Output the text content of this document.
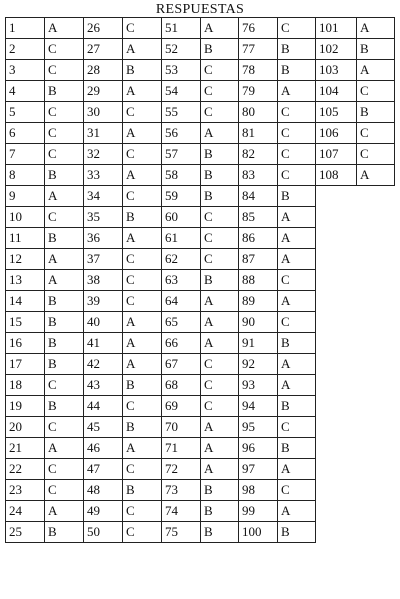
RESPUESTAS
1	A	26	C	51	A	76	C	101	A
2	C	27	A	52	B	77	B	102	B
3	C	28	B	53	C	78	B	103	A
4	B	29	A	54	C	79	A	104	C
5	C	30	C	55	C	80	C	105	B
6	C	31	A	56	A	81	C	106	C
7	C	32	C	57	B	82	C	107	C
8	B	33	A	58	B	83	C	108	A
9	A	34	C	59	B	84	B		
10	C	35	B	60	C	85	A		
11	B	36	A	61	C	86	A		
12	A	37	C	62	C	87	A		
13	A	38	C	63	B	88	C		
14	B	39	C	64	A	89	A		
15	B	40	A	65	A	90	C		
16	B	41	A	66	A	91	B		
17	B	42	A	67	C	92	A		
18	C	43	B	68	C	93	A		
19	B	44	C	69	C	94	B		
20	C	45	B	70	A	95	C		
21	A	46	A	71	A	96	B		
22	C	47	C	72	A	97	A		
23	C	48	B	73	B	98	C		
24	A	49	C	74	B	99	A		
25	B	50	C	75	B	100	B		
